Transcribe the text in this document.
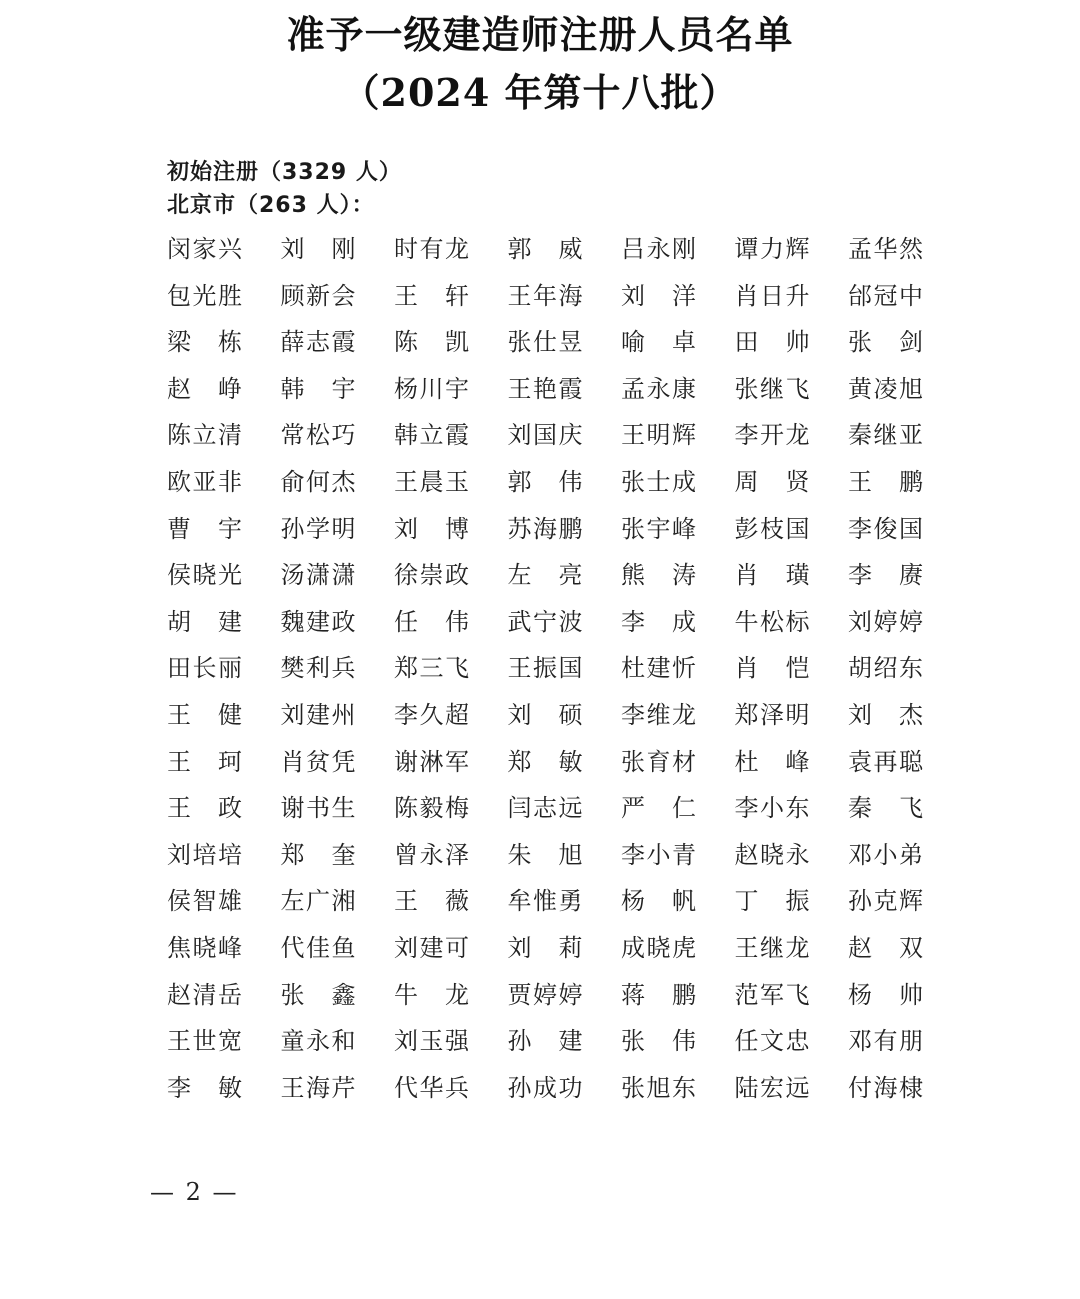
准予一级建造师注册人员名单
（2024 年第十八批）
初始注册（3329 人）
北京市（263 人）：
闵 家 兴 刘 刚 时 有 龙 郭 威 吕 永 刚 谭 力 辉 孟 华 然
包 光 胜 顾 新 会 王 轩 王 年 海 刘 洋 肖 日 升 邰 冠 中
梁 栋 薛 志 霞 陈 凯 张 仕 昱 喻 卓 田 帅 张 剑
赵 峥 韩 宇 杨 川 宇 王 艳 霞 孟 永 康 张 继 飞 黄 凌 旭
陈 立 清 常 松 巧 韩 立 霞 刘 国 庆 王 明 辉 李 开 龙 秦 继 亚
欧 亚 非 俞 何 杰 王 晨 玉 郭 伟 张 士 成 周 贤 王 鹏
曹 宇 孙 学 明 刘 博 苏 海 鹏 张 宇 峰 彭 枝 国 李 俊 国
侯 晓 光 汤 潇 潇 徐 崇 政 左 亮 熊 涛 肖 璜 李 赓
胡 建 魏 建 政 任 伟 武 宁 波 李 成 牛 松 标 刘 婷 婷
田 长 丽 樊 利 兵 郑 三 飞 王 振 国 杜 建 忻 肖 恺 胡 绍 东
王 健 刘 建 州 李 久 超 刘 硕 李 维 龙 郑 泽 明 刘 杰
王 珂 肖 贫 凭 谢 淋 军 郑 敏 张 育 材 杜 峰 袁 再 聪
王 政 谢 书 生 陈 毅 梅 闫 志 远 严 仁 李 小 东 秦 飞
刘 培 培 郑 奎 曾 永 泽 朱 旭 李 小 青 赵 晓 永 邓 小 弟
侯 智 雄 左 广 湘 王 薇 牟 惟 勇 杨 帆 丁 振 孙 克 辉
焦 晓 峰 代 佳 鱼 刘 建 可 刘 莉 成 晓 虎 王 继 龙 赵 双
赵 清 岳 张 鑫 牛 龙 贾 婷 婷 蒋 鹏 范 军 飞 杨 帅
王 世 宽 童 永 和 刘 玉 强 孙 建 张 伟 任 文 忠 邓 有 朋
李 敏 王 海 芹 代 华 兵 孙 成 功 张 旭 东 陆 宏 远 付 海 棣
— 2 —
